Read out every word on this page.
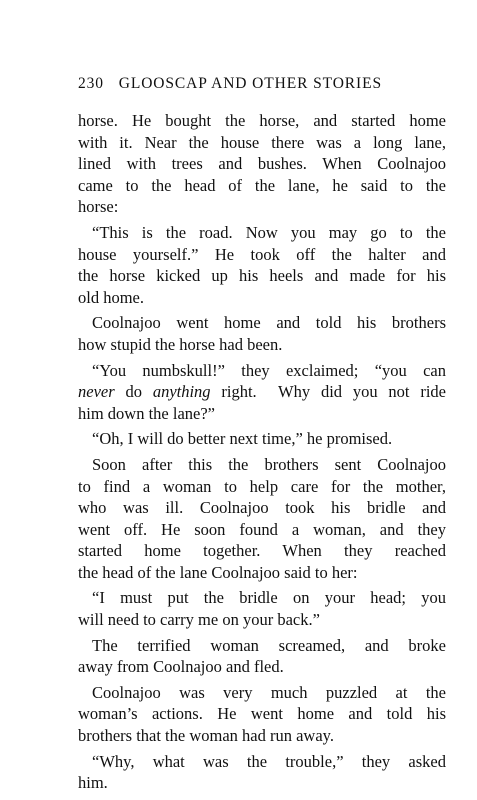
230 GLOOSCAP AND OTHER STORIES
horse. He bought the horse, and started home
with it. Near the house there was a long lane,
lined with trees and bushes. When Coolnajoo
came to the head of the lane, he said to the
horse:
“This is the road. Now you may go to the
house yourself.” He took off the halter and
the horse kicked up his heels and made for his
old home.
Coolnajoo went home and told his brothers
how stupid the horse had been.
“You numbskull!” they exclaimed; “you can
never do anything right.  Why did you not ride
him down the lane?”
“Oh, I will do better next time,” he promised.
Soon after this the brothers sent Coolnajoo
to find a woman to help care for the mother,
who was ill. Coolnajoo took his bridle and
went off. He soon found a woman, and they
started home together. When they reached
the head of the lane Coolnajoo said to her:
“I must put the bridle on your head; you
will need to carry me on your back.”
The terrified woman screamed, and broke
away from Coolnajoo and fled.
Coolnajoo was very much puzzled at the
woman’s actions. He went home and told his
brothers that the woman had run away.
“Why, what was the trouble,” they asked
him.
